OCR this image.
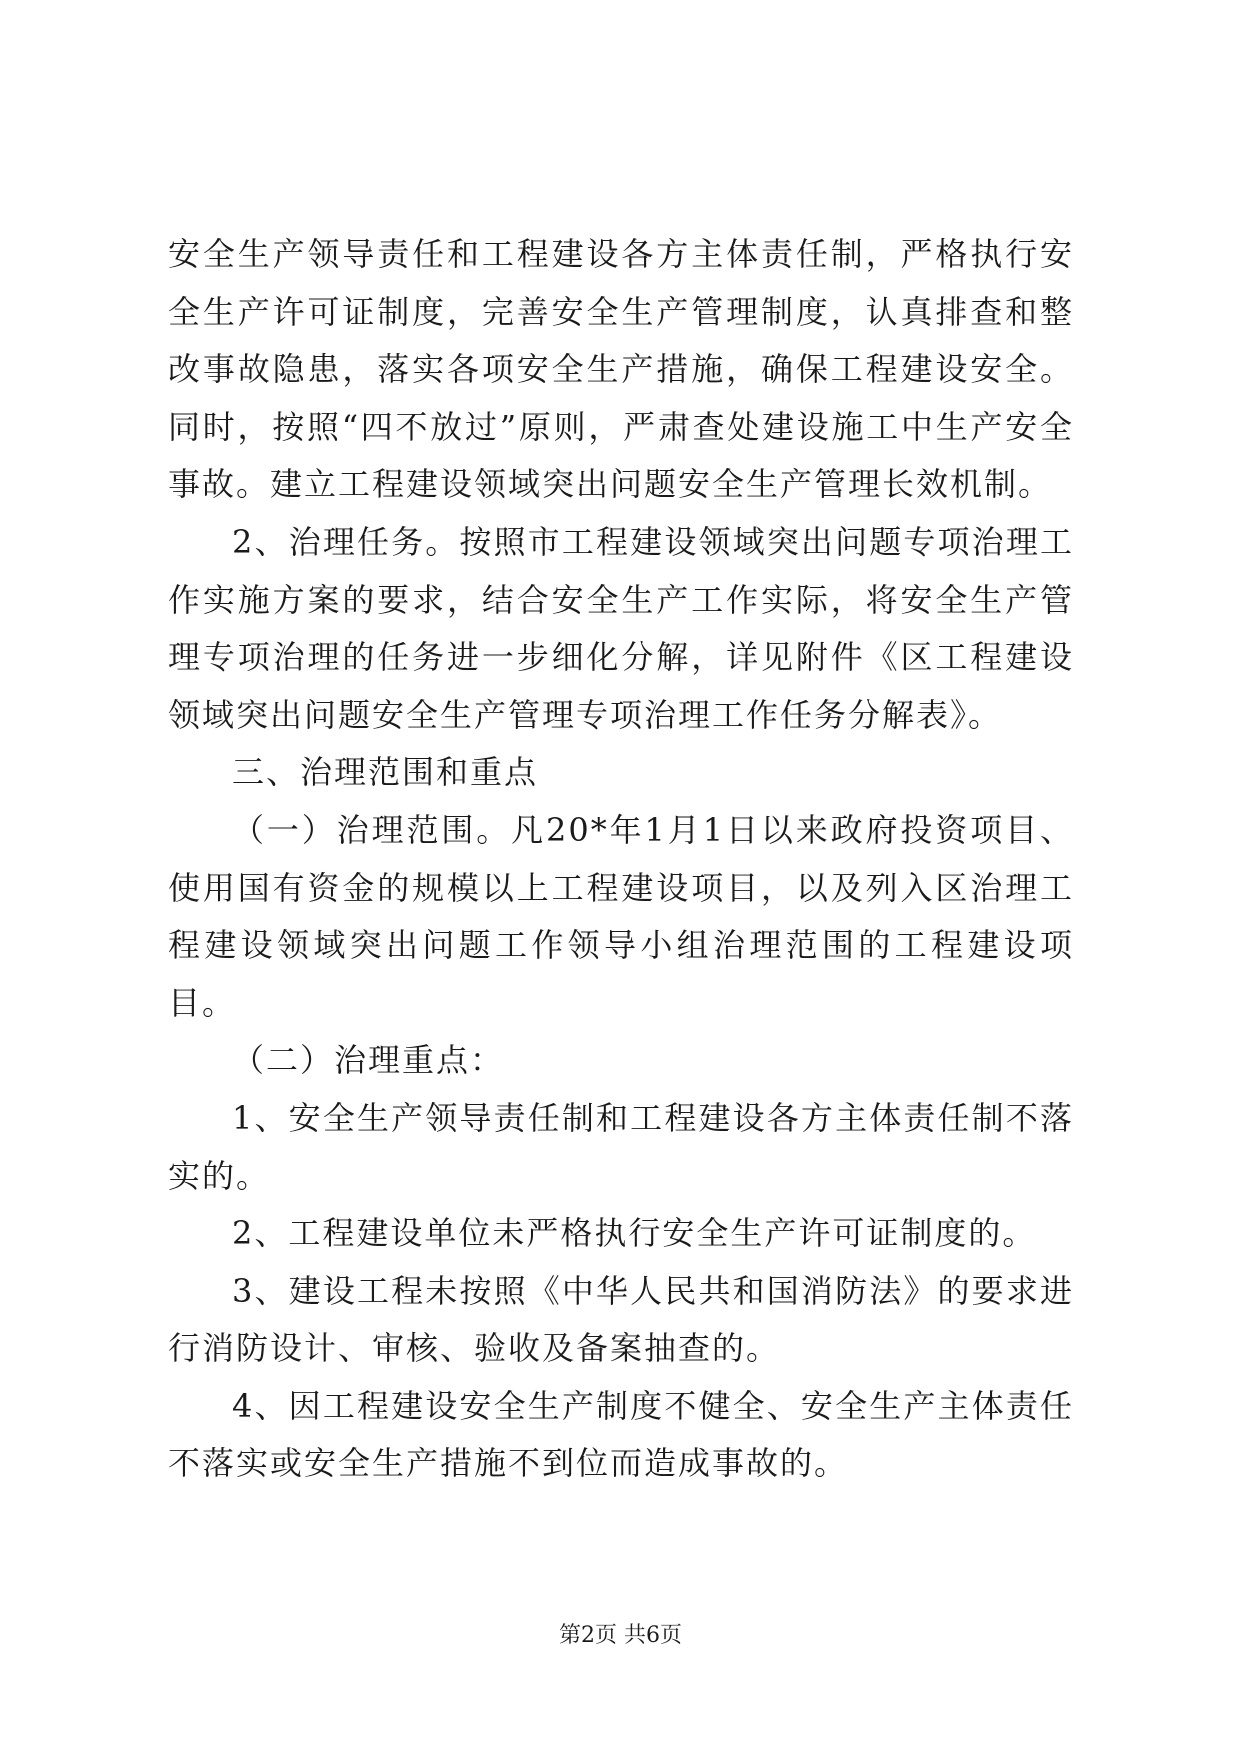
安全生产领导责任和工程建设各方主体责任制，严格执行安全生产许可证制度，完善安全生产管理制度，认真排查和整改事故隐患，落实各项安全生产措施，确保工程建设安全。同时，按照“四不放过”原则，严肃查处建设施工中生产安全事故。建立工程建设领域突出问题安全生产管理长效机制。

2、治理任务。按照市工程建设领域突出问题专项治理工作实施方案的要求，结合安全生产工作实际，将安全生产管理专项治理的任务进一步细化分解，详见附件《区工程建设领域突出问题安全生产管理专项治理工作任务分解表》。

三、治理范围和重点

（一）治理范围。凡20*年1月1日以来政府投资项目、使用国有资金的规模以上工程建设项目，以及列入区治理工程建设领域突出问题工作领导小组治理范围的工程建设项目。

（二）治理重点：

1、安全生产领导责任制和工程建设各方主体责任制不落实的。

2、工程建设单位未严格执行安全生产许可证制度的。

3、建设工程未按照《中华人民共和国消防法》的要求进行消防设计、审核、验收及备案抽查的。

4、因工程建设安全生产制度不健全、安全生产主体责任不落实或安全生产措施不到位而造成事故的。

第2页 共6页
